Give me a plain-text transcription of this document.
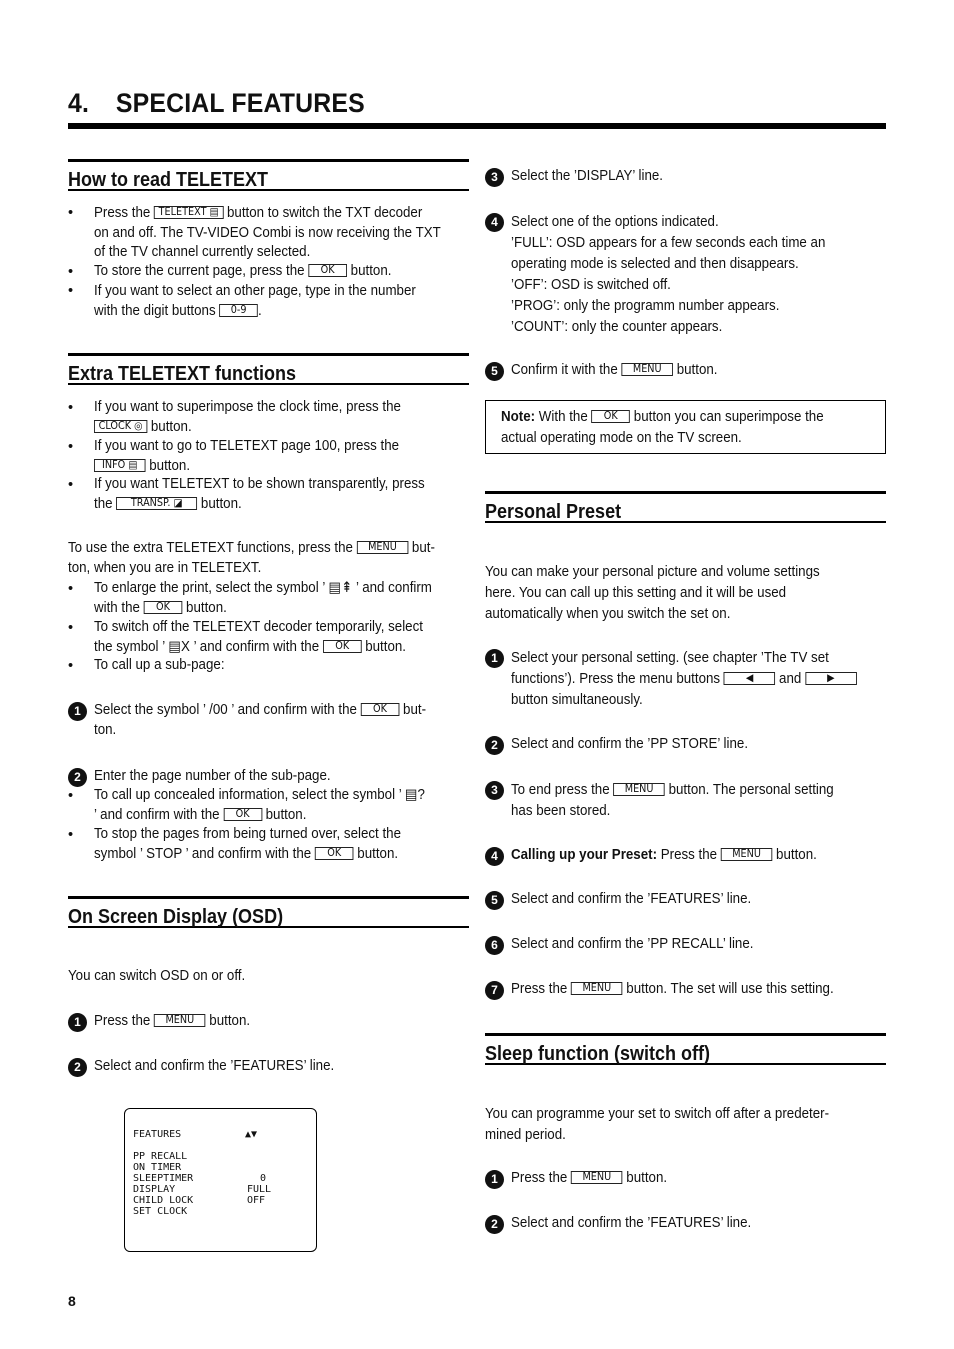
4. SPECIAL FEATURES
How to read TELETEXT
• Press the TELETEXT ▤ button to switch the TXT decoder
on and off. The TV-VIDEO Combi is now receiving the TXT
of the TV channel currently selected.
• To store the current page, press the OK button.
• If you want to select an other page, type in the number
with the digit buttons 0-9 .
Extra TELETEXT functions
• If you want to superimpose the clock time, press the
CLOCK ◎ button.
• If you want to go to TELETEXT page 100, press the
INFO ▤ button.
• If you want TELETEXT to be shown transparently, press
the TRANSP. ◪ button.
To use the extra TELETEXT functions, press the MENU but-
ton, when you are in TELETEXT.
• To enlarge the print, select the symbol ’ ▤⇞ ’ and confirm
with the OK button.
• To switch off the TELETEXT decoder temporarily, select
the symbol ’ ▤X ’ and confirm with the OK button.
• To call up a sub-page:
1 Select the symbol ’ /00 ’ and confirm with the OK but-
ton.
2 Enter the page number of the sub-page.
• To call up concealed information, select the symbol ’ ▤?
’ and confirm with the OK button.
• To stop the pages from being turned over, select the
symbol ’ STOP ’ and confirm with the OK button.
On Screen Display (OSD)
You can switch OSD on or off.
1 Press the MENU button.
2 Select and confirm the ’FEATURES’ line.
FEATURES	▲▼
PP RECALL
ON TIMER
SLEEPTIMER	0
DISPLAY	FULL
CHILD LOCK	OFF
SET CLOCK
3 Select the ’DISPLAY’ line.
4 Select one of the options indicated.
’FULL’: OSD appears for a few seconds each time an
operating mode is selected and then disappears.
’OFF’: OSD is switched off.
’PROG’: only the programm number appears.
’COUNT’: only the counter appears.
5 Confirm it with the MENU button.
Note: With the OK button you can superimpose the
actual operating mode on the TV screen.
Personal Preset
You can make your personal picture and volume settings
here. You can call up this setting and it will be used
automatically when you switch the set on.
1 Select your personal setting. (see chapter ’The TV set
functions’). Press the menu buttons ◀ and ▶
button simultaneously.
2 Select and confirm the ’PP STORE’ line.
3 To end press the MENU button. The personal setting
has been stored.
4 Calling up your Preset: Press the MENU button.
5 Select and confirm the ’FEATURES’ line.
6 Select and confirm the ’PP RECALL’ line.
7 Press the MENU button. The set will use this setting.
Sleep function (switch off)
You can programme your set to switch off after a predeter-
mined period.
1 Press the MENU button.
2 Select and confirm the ’FEATURES’ line.
8
